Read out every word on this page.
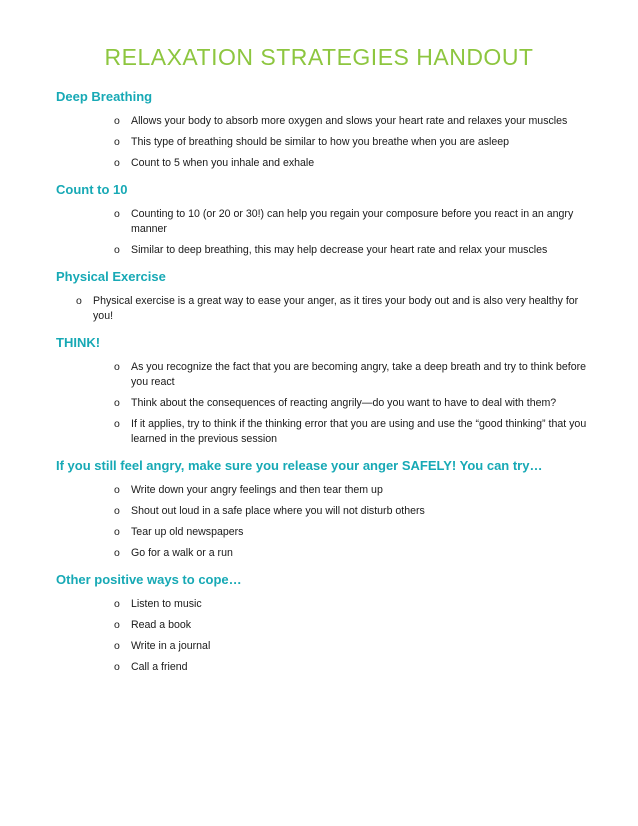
RELAXATION STRATEGIES HANDOUT
Deep Breathing
o Allows your body to absorb more oxygen and slows your heart rate and relaxes your muscles
o This type of breathing should be similar to how you breathe when you are asleep
o Count to 5 when you inhale and exhale
Count to 10
o Counting to 10 (or 20 or 30!) can help you regain your composure before you react in an angry manner
o Similar to deep breathing, this may help decrease your heart rate and relax your muscles
Physical Exercise
o Physical exercise is a great way to ease your anger, as it tires your body out and is also very healthy for you!
THINK!
o As you recognize the fact that you are becoming angry, take a deep breath and try to think before you react
o Think about the consequences of reacting angrily—do you want to have to deal with them?
o If it applies, try to think if the thinking error that you are using and use the “good thinking” that you learned in the previous session
If you still feel angry, make sure you release your anger SAFELY! You can try…
o Write down your angry feelings and then tear them up
o Shout out loud in a safe place where you will not disturb others
o Tear up old newspapers
o Go for a walk or a run
Other positive ways to cope…
o Listen to music
o Read a book
o Write in a journal
o Call a friend
